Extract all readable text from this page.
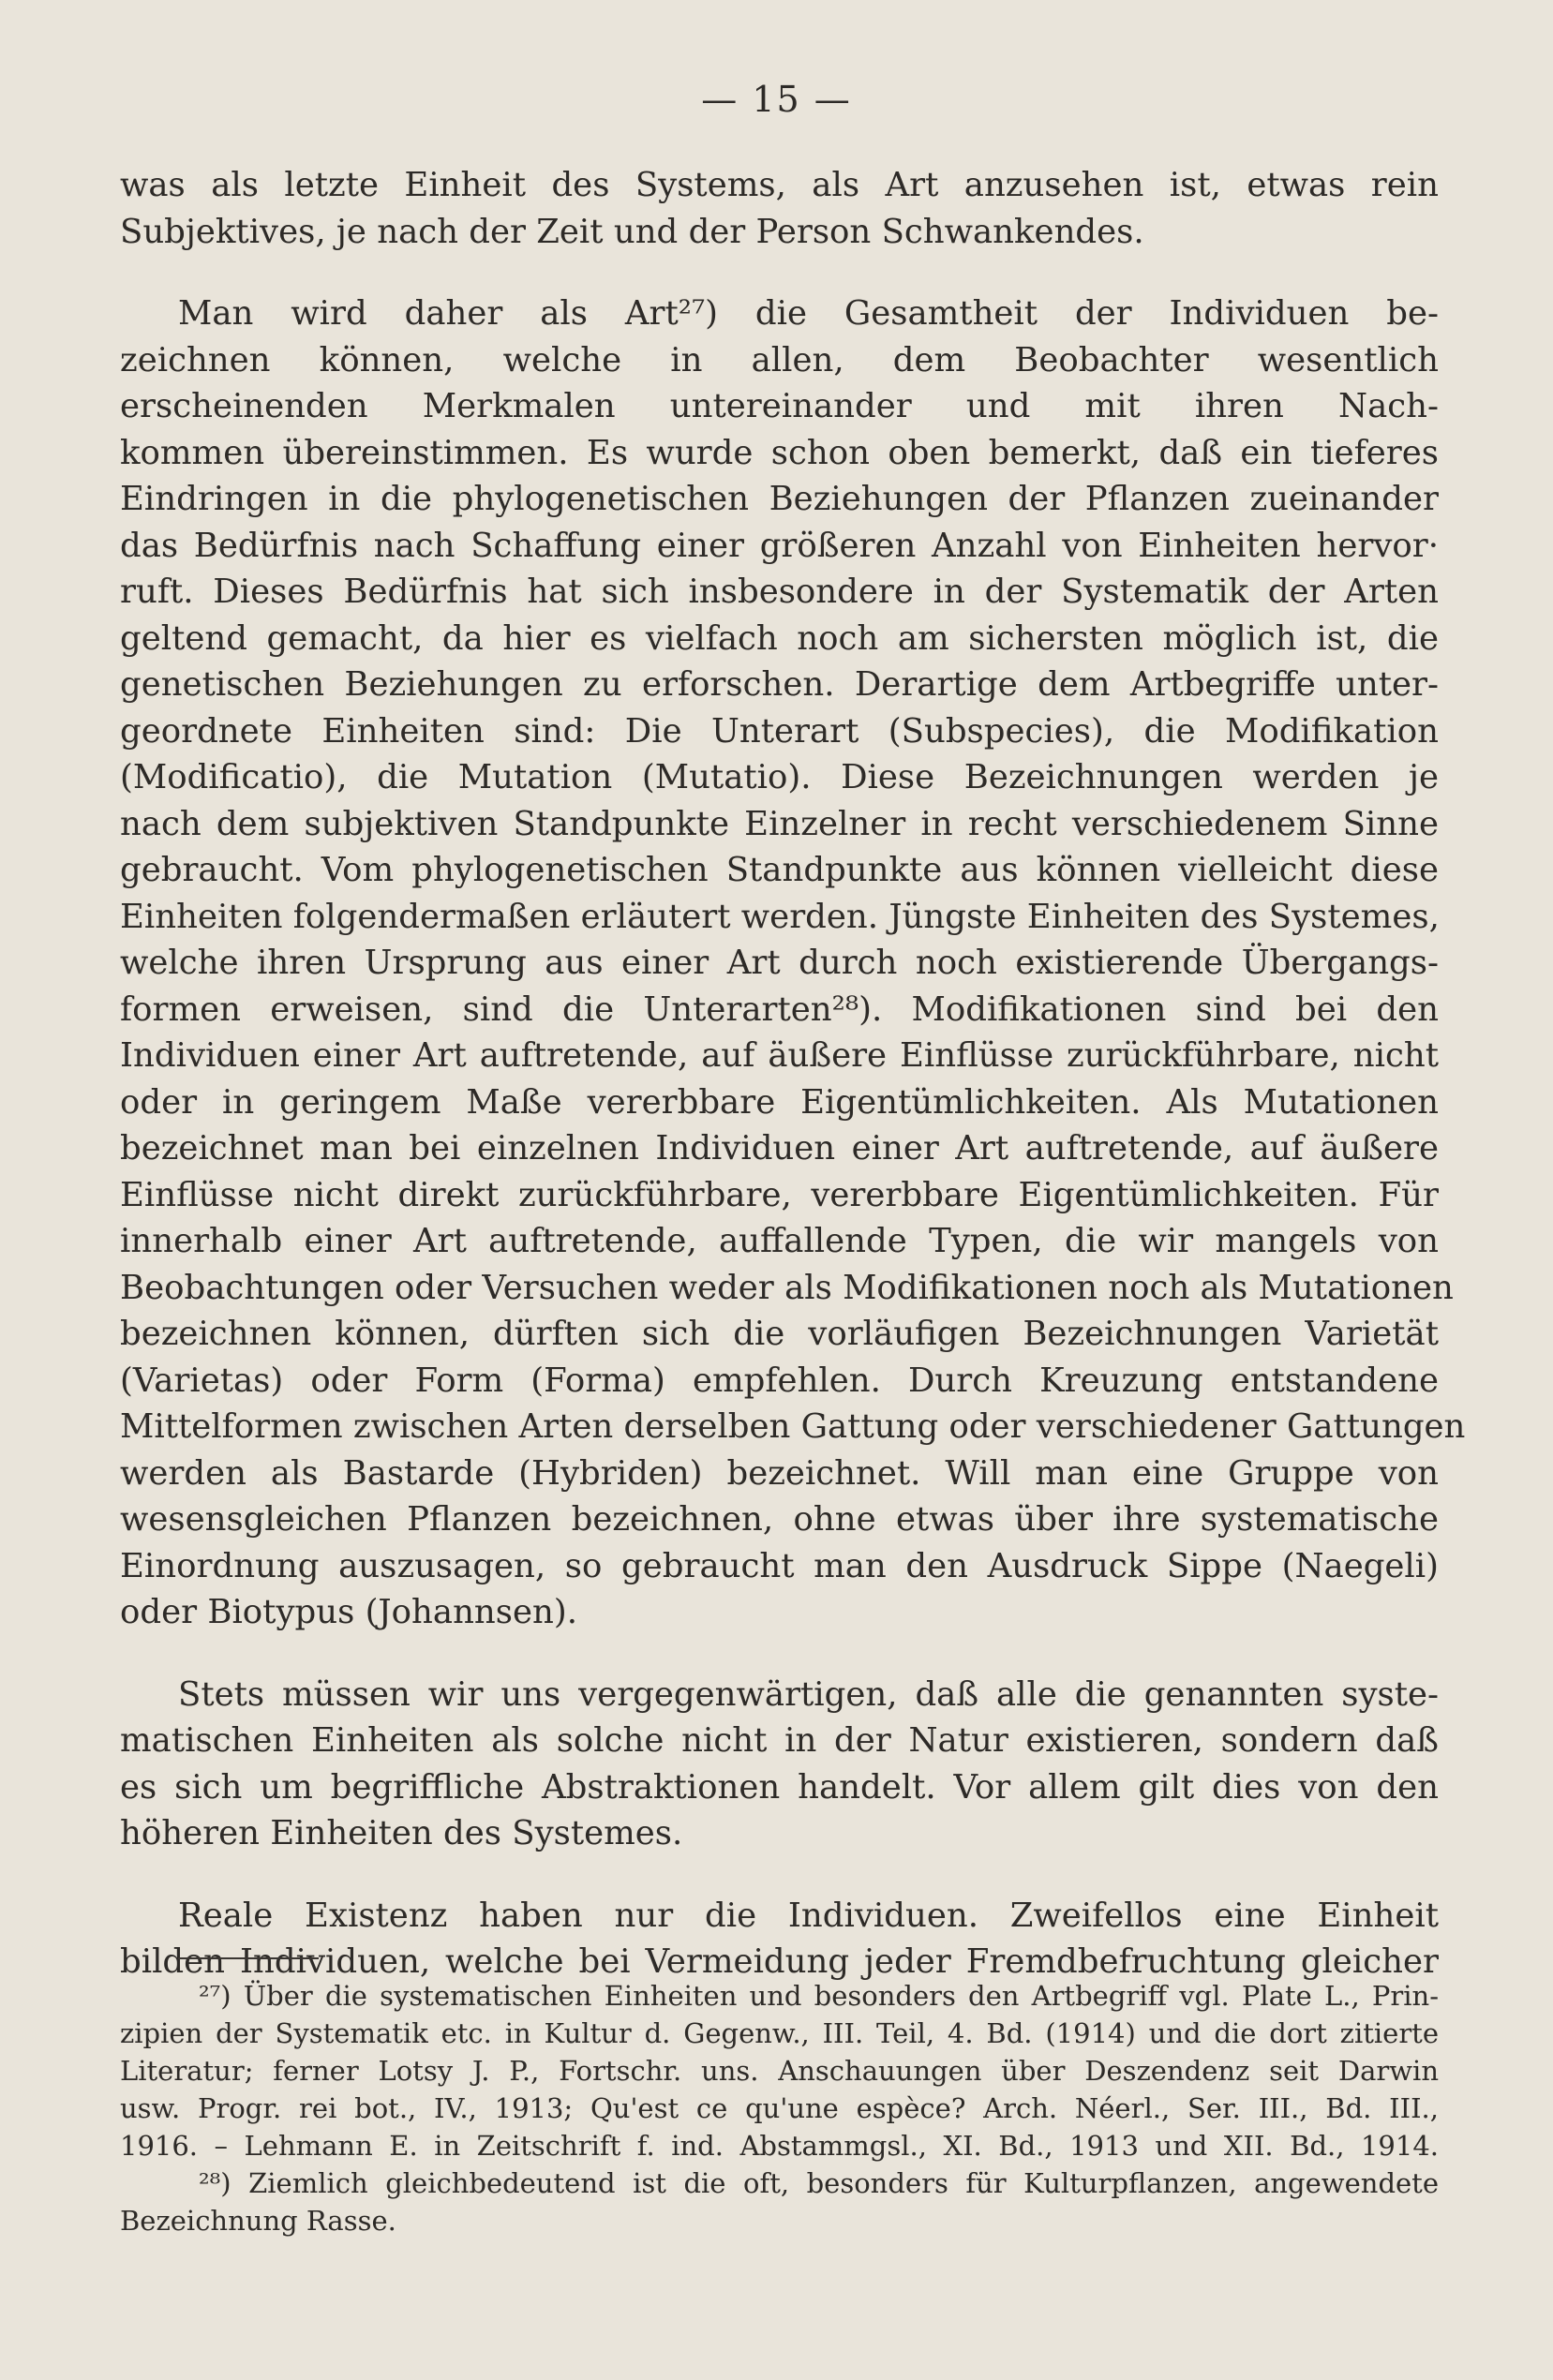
— 15 —
was als letzte Einheit des Systems, als Art anzusehen ist, etwas rein
Subjektives, je nach der Zeit und der Person Schwankendes.
Man wird daher als Art²⁷) die Gesamtheit der Individuen be-
zeichnen können, welche in allen, dem Beobachter wesentlich
erscheinenden Merkmalen untereinander und mit ihren Nach-
kommen übereinstimmen. Es wurde schon oben bemerkt, daß ein tieferes
Eindringen in die phylogenetischen Beziehungen der Pflanzen zueinander
das Bedürfnis nach Schaffung einer größeren Anzahl von Einheiten hervor·
ruft. Dieses Bedürfnis hat sich insbesondere in der Systematik der Arten
geltend gemacht, da hier es vielfach noch am sichersten möglich ist, die
genetischen Beziehungen zu erforschen. Derartige dem Artbegriffe unter-
geordnete Einheiten sind: Die Unterart (Subspecies), die Modifikation
(Modificatio), die Mutation (Mutatio). Diese Bezeichnungen werden je
nach dem subjektiven Standpunkte Einzelner in recht verschiedenem Sinne
gebraucht. Vom phylogenetischen Standpunkte aus können vielleicht diese
Einheiten folgendermaßen erläutert werden. Jüngste Einheiten des Systemes,
welche ihren Ursprung aus einer Art durch noch existierende Übergangs-
formen erweisen, sind die Unterarten²⁸). Modifikationen sind bei den
Individuen einer Art auftretende, auf äußere Einflüsse zurückführbare, nicht
oder in geringem Maße vererbbare Eigentümlichkeiten. Als Mutationen
bezeichnet man bei einzelnen Individuen einer Art auftretende, auf äußere
Einflüsse nicht direkt zurückführbare, vererbbare Eigentümlichkeiten. Für
innerhalb einer Art auftretende, auffallende Typen, die wir mangels von
Beobachtungen oder Versuchen weder als Modifikationen noch als Mutationen
bezeichnen können, dürften sich die vorläufigen Bezeichnungen Varietät
(Varietas) oder Form (Forma) empfehlen. Durch Kreuzung entstandene
Mittelformen zwischen Arten derselben Gattung oder verschiedener Gattungen
werden als Bastarde (Hybriden) bezeichnet. Will man eine Gruppe von
wesensgleichen Pflanzen bezeichnen, ohne etwas über ihre systematische
Einordnung auszusagen, so gebraucht man den Ausdruck Sippe (Naegeli)
oder Biotypus (Johannsen).
Stets müssen wir uns vergegenwärtigen, daß alle die genannten syste-
matischen Einheiten als solche nicht in der Natur existieren, sondern daß
es sich um begriffliche Abstraktionen handelt. Vor allem gilt dies von den
höheren Einheiten des Systemes.
Reale Existenz haben nur die Individuen. Zweifellos eine Einheit
bilden Individuen, welche bei Vermeidung jeder Fremdbefruchtung gleicher
²⁷) Über die systematischen Einheiten und besonders den Artbegriff vgl. Plate L., Prin-
zipien der Systematik etc. in Kultur d. Gegenw., III. Teil, 4. Bd. (1914) und die dort zitierte
Literatur; ferner Lotsy J. P., Fortschr. uns. Anschauungen über Deszendenz seit Darwin
usw. Progr. rei bot., IV., 1913; Qu'est ce qu'une espèce? Arch. Néerl., Ser. III., Bd. III.,
1916. – Lehmann E. in Zeitschrift f. ind. Abstammgsl., XI. Bd., 1913 und XII. Bd., 1914.
²⁸) Ziemlich gleichbedeutend ist die oft, besonders für Kulturpflanzen, angewendete
Bezeichnung Rasse.
